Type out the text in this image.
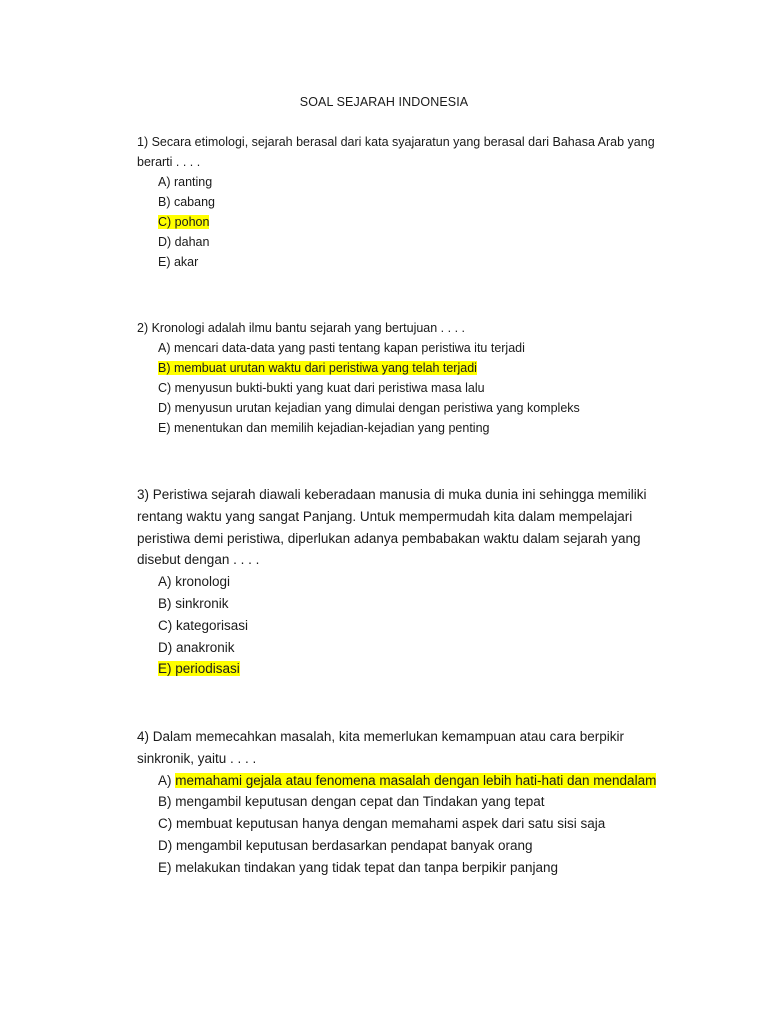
SOAL SEJARAH INDONESIA

1) Secara etimologi, sejarah berasal dari kata syajaratun yang berasal dari Bahasa Arab yang
berarti . . . .

A) ranting
B) cabang
C) pohon
D) dahan
E) akar

2) Kronologi adalah ilmu bantu sejarah yang bertujuan . . . .

A) mencari data-data yang pasti tentang kapan peristiwa itu terjadi
B) membuat urutan waktu dari peristiwa yang telah terjadi
C) menyusun bukti-bukti yang kuat dari peristiwa masa lalu
D) menyusun urutan kejadian yang dimulai dengan peristiwa yang kompleks
E) menentukan dan memilih kejadian-kejadian yang penting

3) Peristiwa sejarah diawali keberadaan manusia di muka dunia ini sehingga memiliki
rentang waktu yang sangat Panjang. Untuk mempermudah kita dalam mempelajari
peristiwa demi peristiwa, diperlukan adanya pembabakan waktu dalam sejarah yang
disebut dengan . . . .

A) kronologi
B) sinkronik
C) kategorisasi
D) anakronik
E) periodisasi

4) Dalam memecahkan masalah, kita memerlukan kemampuan atau cara berpikir
sinkronik, yaitu . . . .

A) memahami gejala atau fenomena masalah dengan lebih hati-hati dan mendalam
B) mengambil keputusan dengan cepat dan Tindakan yang tepat
C) membuat keputusan hanya dengan memahami aspek dari satu sisi saja
D) mengambil keputusan berdasarkan pendapat banyak orang
E) melakukan tindakan yang tidak tepat dan tanpa berpikir panjang
